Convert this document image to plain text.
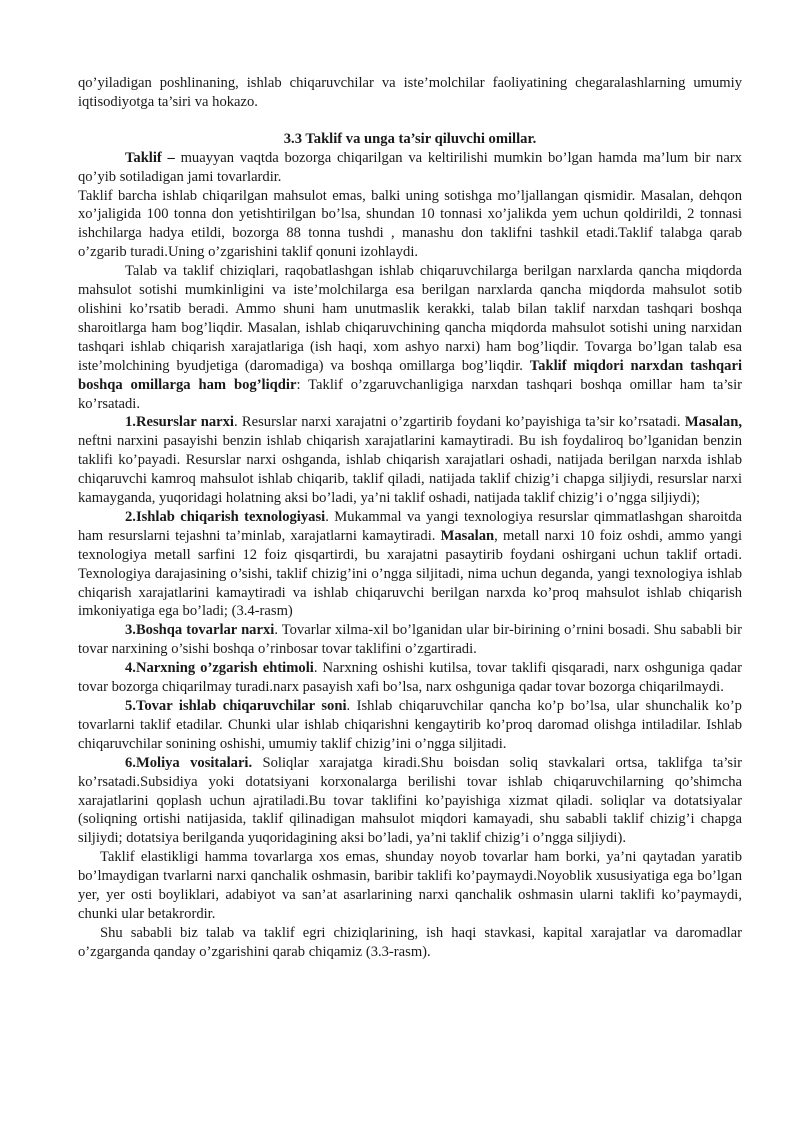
qo’yiladigan poshlinaning, ishlab chiqaruvchilar va iste’molchilar faoliyatining chegaralashlarning umumiy iqtisodiyotga ta’siri va hokazo.

3.3 Taklif va unga ta’sir qiluvchi omillar.

Taklif – muayyan vaqtda bozorga chiqarilgan va keltirilishi mumkin bo’lgan hamda ma’lum bir narx qo’yib sotiladigan jami tovarlardir.

Taklif barcha ishlab chiqarilgan mahsulot emas, balki uning sotishga mo’ljallangan qismidir. Masalan, dehqon xo’jaligida 100 tonna don yetishtirilgan bo’lsa, shundan 10 tonnasi xo’jalikda yem uchun qoldirildi, 2 tonnasi ishchilarga hadya etildi, bozorga 88 tonna tushdi , manashu don taklifni tashkil etadi.Taklif talabga qarab o’zgarib turadi.Uning o’zgarishini taklif qonuni izohlaydi.

Talab va taklif chiziqlari, raqobatlashgan ishlab chiqaruvchilarga berilgan narxlarda qancha miqdorda mahsulot sotishi mumkinligini va iste’molchilarga esa berilgan narxlarda qancha miqdorda mahsulot sotib olishini ko’rsatib beradi. Ammo shuni ham unutmaslik kerakki, talab bilan taklif narxdan tashqari boshqa sharoitlarga ham bog’liqdir. Masalan, ishlab chiqaruvchining qancha miqdorda mahsulot sotishi uning narxidan tashqari ishlab chiqarish xarajatlariga (ish haqi, xom ashyo narxi) ham bog’liqdir. Tovarga bo’lgan talab esa iste’molchining byudjetiga (daromadiga) va boshqa omillarga bog’liqdir. Taklif miqdori narxdan tashqari boshqa omillarga ham bog’liqdir: Taklif o’zgaruvchanligiga narxdan tashqari boshqa omillar ham ta’sir ko’rsatadi.

1.Resurslar narxi. Resurslar narxi xarajatni o’zgartirib foydani ko’payishiga ta’sir ko’rsatadi. Masalan, neftni narxini pasayishi benzin ishlab chiqarish xarajatlarini kamaytiradi. Bu ish foydaliroq bo’lganidan benzin taklifi ko’payadi. Resurslar narxi oshganda, ishlab chiqarish xarajatlari oshadi, natijada berilgan narxda ishlab chiqaruvchi kamroq mahsulot ishlab chiqarib, taklif qiladi, natijada taklif chizig’i chapga siljiydi, resurslar narxi kamayganda, yuqoridagi holatning aksi bo’ladi, ya’ni taklif oshadi, natijada taklif chizig’i o’ngga siljiydi);

2.Ishlab chiqarish texnologiyasi. Mukammal va yangi texnologiya resurslar qimmatlashgan sharoitda ham resurslarni tejashni ta’minlab, xarajatlarni kamaytiradi. Masalan, metall narxi 10 foiz oshdi, ammo yangi texnologiya metall sarfini 12 foiz qisqartirdi, bu xarajatni pasaytirib foydani oshirgani uchun taklif ortadi. Texnologiya darajasining o’sishi, taklif chizig’ini o’ngga siljitadi, nima uchun deganda, yangi texnologiya ishlab chiqarish xarajatlarini kamaytiradi va ishlab chiqaruvchi berilgan narxda ko’proq mahsulot ishlab chiqarish imkoniyatiga ega bo’ladi; (3.4-rasm)

3.Boshqa tovarlar narxi. Tovarlar xilma-xil bo’lganidan ular bir-birining o’rnini bosadi. Shu sababli bir tovar narxining o’sishi boshqa o’rinbosar tovar taklifini o’zgartiradi.

4.Narxning o’zgarish ehtimoli. Narxning oshishi kutilsa, tovar taklifi qisqaradi, narx oshguniga qadar tovar bozorga chiqarilmay turadi.narx pasayish xafi bo’lsa, narx oshguniga qadar tovar bozorga chiqarilmaydi.

5.Tovar ishlab chiqaruvchilar soni. Ishlab chiqaruvchilar qancha ko’p bo’lsa, ular shunchalik ko’p tovarlarni taklif etadilar. Chunki ular ishlab chiqarishni kengaytirib ko’proq daromad olishga intiladilar. Ishlab chiqaruvchilar sonining oshishi, umumiy taklif chizig’ini o’ngga siljitadi.

6.Moliya vositalari. Soliqlar xarajatga kiradi.Shu boisdan soliq stavkalari ortsa, taklifga ta’sir ko’rsatadi.Subsidiya yoki dotatsiyani korxonalarga berilishi tovar ishlab chiqaruvchilarning qo’shimcha xarajatlarini qoplash uchun ajratiladi.Bu tovar taklifini ko’payishiga xizmat qiladi. soliqlar va dotatsiyalar (soliqning ortishi natijasida, taklif qilinadigan mahsulot miqdori kamayadi, shu sababli taklif chizig’i chapga siljiydi; dotatsiya berilganda yuqoridagining aksi bo’ladi, ya’ni taklif chizig’i o’ngga siljiydi).

Taklif elastikligi hamma tovarlarga xos emas, shunday noyob tovarlar ham borki, ya’ni qaytadan yaratib bo’lmaydigan tvarlarni narxi qanchalik oshmasin, baribir taklifi ko’paymaydi.Noyoblik xususiyatiga ega bo’lgan yer, yer osti boyliklari, adabiyot va san’at asarlarining narxi qanchalik oshmasin ularni taklifi ko’paymaydi, chunki ular betakrordir.

Shu sababli biz talab va taklif egri chiziqlarining, ish haqi stavkasi, kapital xarajatlar va daromadlar o’zgarganda qanday o’zgarishini qarab chiqamiz (3.3-rasm).
